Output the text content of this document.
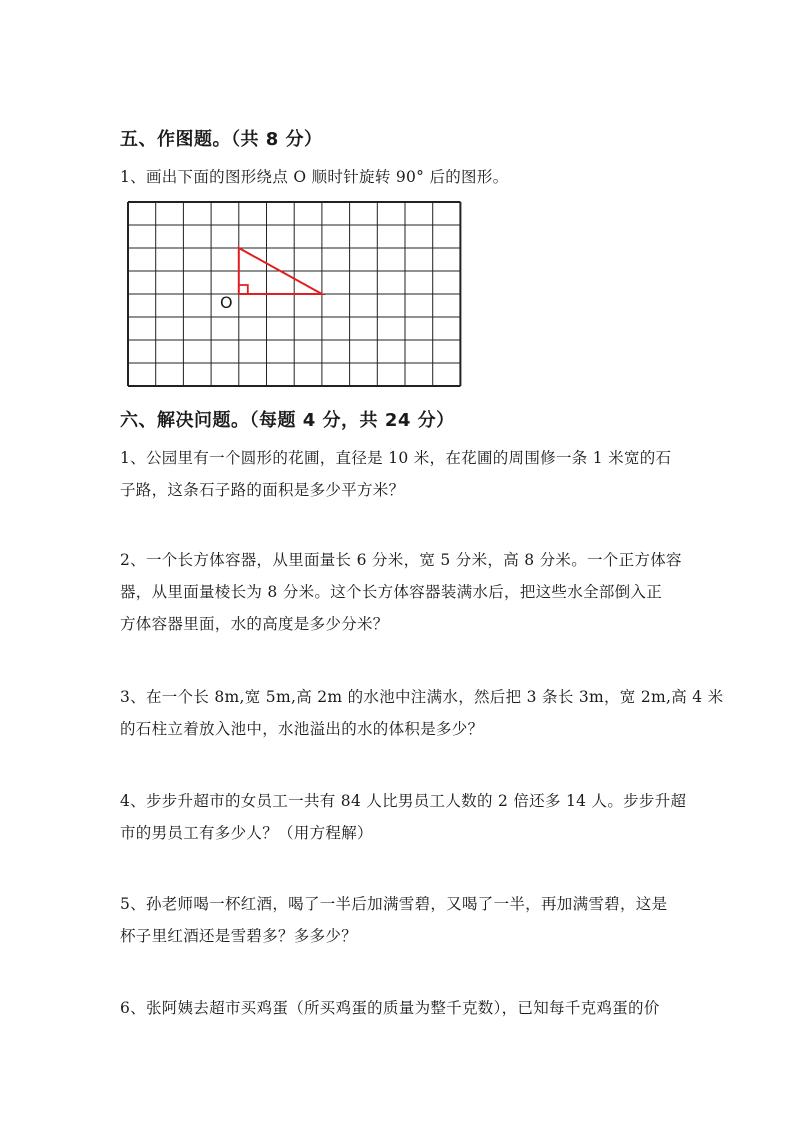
五、作图题。（共 8 分）
1、画出下面的图形绕点 O 顺时针旋转 90° 后的图形。
O
六、解决问题。（每题 4 分，共 24 分）
1、公园里有一个圆形的花圃，直径是 10 米，在花圃的周围修一条 1 米宽的石
子路，这条石子路的面积是多少平方米？
2、一个长方体容器，从里面量长 6 分米，宽 5 分米，高 8 分米。一个正方体容
器，从里面量棱长为 8 分米。这个长方体容器装满水后，把这些水全部倒入正
方体容器里面，水的高度是多少分米？
3、在一个长 8m,宽 5m,高 2m 的水池中注满水，然后把 3 条长 3m，宽 2m,高 4 米
的石柱立着放入池中，水池溢出的水的体积是多少？
4、步步升超市的女员工一共有 84 人比男员工人数的 2 倍还多 14 人。步步升超
市的男员工有多少人？（用方程解）
5、孙老师喝一杯红酒，喝了一半后加满雪碧，又喝了一半，再加满雪碧，这是
杯子里红酒还是雪碧多？多多少？
6、张阿姨去超市买鸡蛋（所买鸡蛋的质量为整千克数），已知每千克鸡蛋的价
